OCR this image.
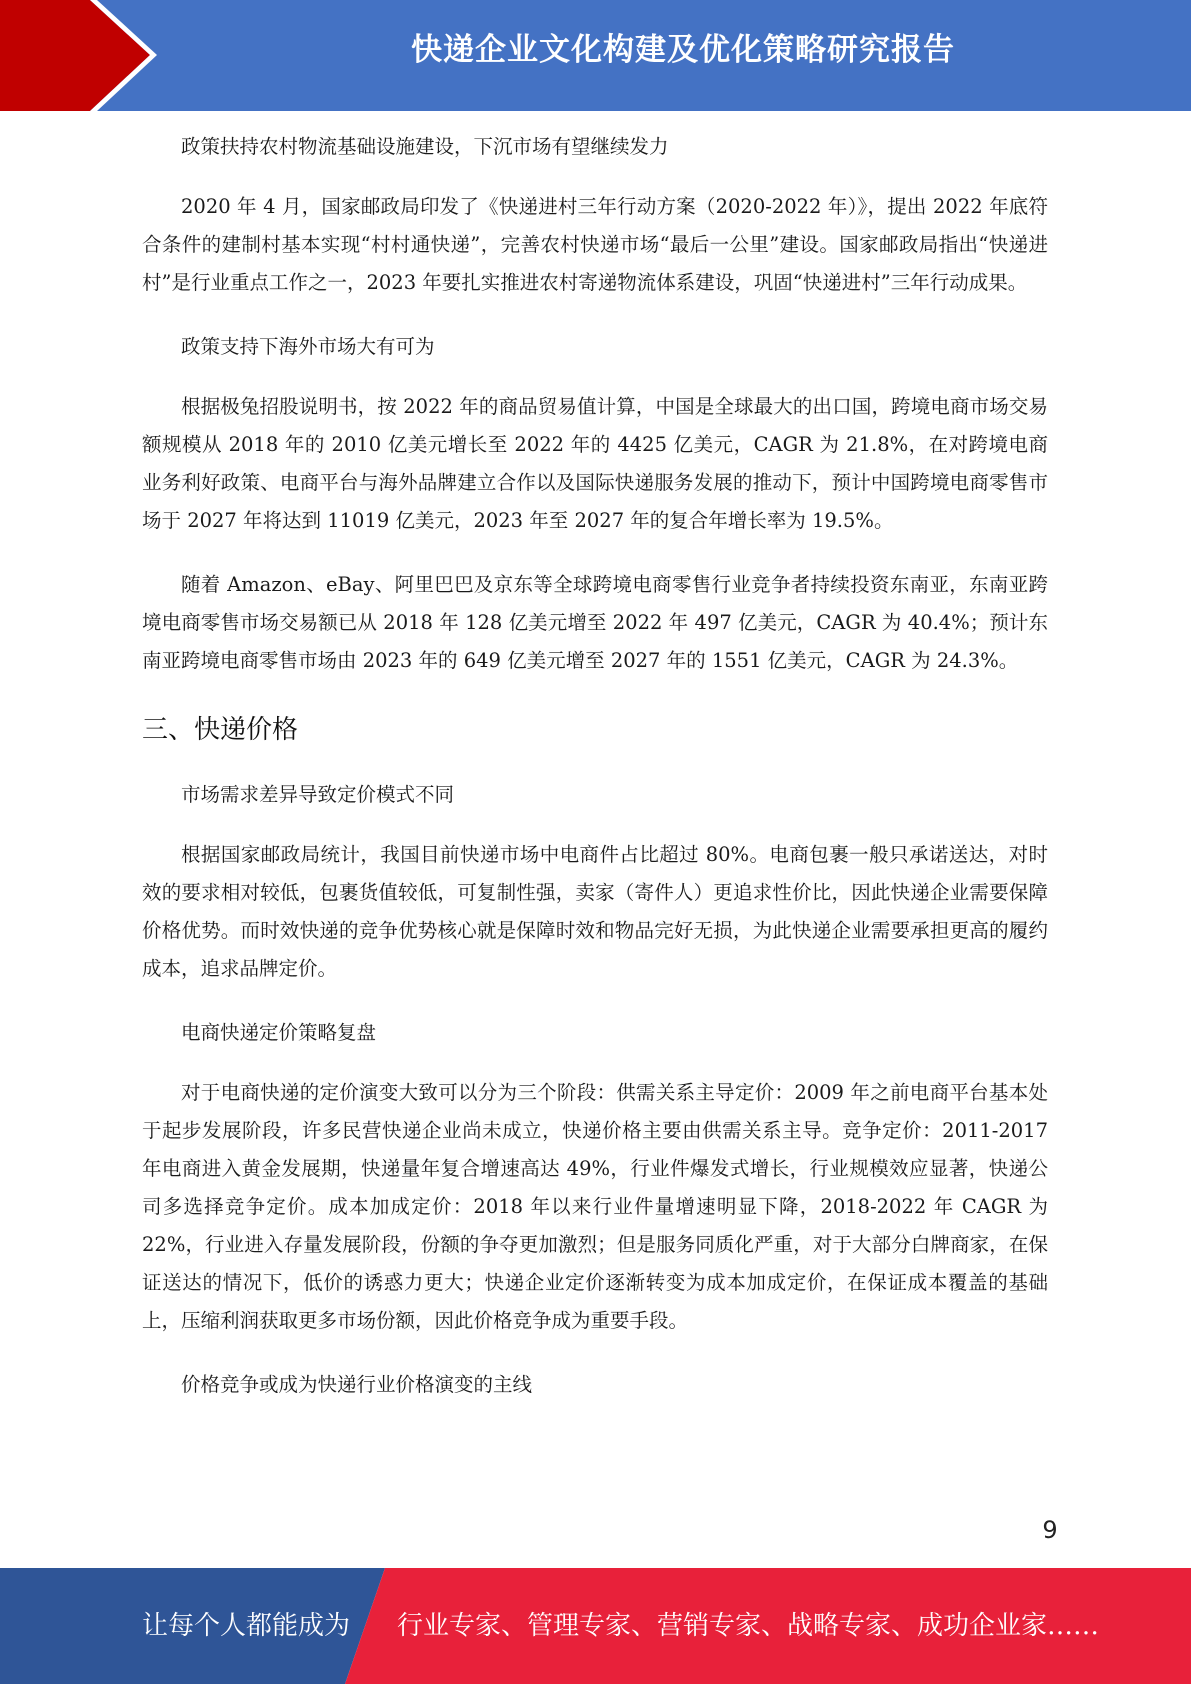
快递企业文化构建及优化策略研究报告

政策扶持农村物流基础设施建设，下沉市场有望继续发力

2020 年 4 月，国家邮政局印发了《快递进村三年行动方案（2020-2022 年）》，提出 2022 年底符合条件的建制村基本实现“村村通快递”，完善农村快递市场“最后一公里”建设。国家邮政局指出“快递进村”是行业重点工作之一，2023 年要扎实推进农村寄递物流体系建设，巩固“快递进村”三年行动成果。

政策支持下海外市场大有可为

根据极兔招股说明书，按 2022 年的商品贸易值计算，中国是全球最大的出口国，跨境电商市场交易额规模从 2018 年的 2010 亿美元增长至 2022 年的 4425 亿美元，CAGR 为 21.8%，在对跨境电商业务利好政策、电商平台与海外品牌建立合作以及国际快递服务发展的推动下，预计中国跨境电商零售市场于 2027 年将达到 11019 亿美元，2023 年至 2027 年的复合年增长率为 19.5%。

随着 Amazon、eBay、阿里巴巴及京东等全球跨境电商零售行业竞争者持续投资东南亚，东南亚跨境电商零售市场交易额已从 2018 年 128 亿美元增至 2022 年 497 亿美元，CAGR 为 40.4%；预计东南亚跨境电商零售市场由 2023 年的 649 亿美元增至 2027 年的 1551 亿美元，CAGR 为 24.3%。

三、快递价格

市场需求差异导致定价模式不同

根据国家邮政局统计，我国目前快递市场中电商件占比超过 80%。电商包裹一般只承诺送达，对时效的要求相对较低，包裹货值较低，可复制性强，卖家（寄件人）更追求性价比，因此快递企业需要保障价格优势。而时效快递的竞争优势核心就是保障时效和物品完好无损，为此快递企业需要承担更高的履约成本，追求品牌定价。

电商快递定价策略复盘

对于电商快递的定价演变大致可以分为三个阶段：供需关系主导定价：2009 年之前电商平台基本处于起步发展阶段，许多民营快递企业尚未成立，快递价格主要由供需关系主导。竞争定价：2011-2017 年电商进入黄金发展期，快递量年复合增速高达 49%，行业件爆发式增长，行业规模效应显著，快递公司多选择竞争定价。成本加成定价：2018 年以来行业件量增速明显下降，2018-2022 年 CAGR 为 22%，行业进入存量发展阶段，份额的争夺更加激烈；但是服务同质化严重，对于大部分白牌商家，在保证送达的情况下，低价的诱惑力更大；快递企业定价逐渐转变为成本加成定价，在保证成本覆盖的基础上，压缩利润获取更多市场份额，因此价格竞争成为重要手段。

价格竞争或成为快递行业价格演变的主线

9
让每个人都能成为 行业专家、管理专家、营销专家、战略专家、成功企业家……
